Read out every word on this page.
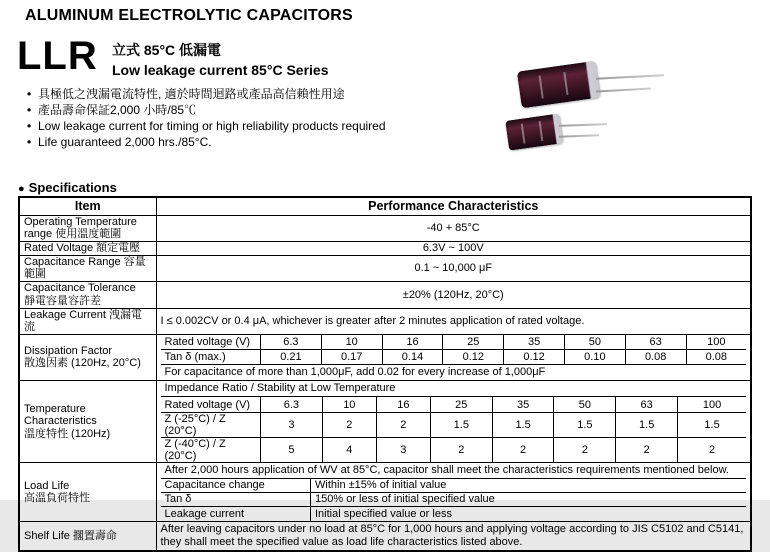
ALUMINUM ELECTROLYTIC CAPACITORS
LLR 立式 85°C 低漏電
Low leakage current 85°C Series
• 具極低之洩漏電流特性, 適於時間迴路或產品高信賴性用途
• 產品壽命保証2,000 小時/85℃
• Low leakage current for timing or high reliability products required
• Life guaranteed 2,000 hrs./85°C.
● Specifications
Item	Performance Characteristics

Operating Temperature
range 使用溫度範圍	-40 + 85°C
Rated Voltage 額定電壓	6.3V ~ 100V
Capacitance Range 容量範圍	0.1 ~ 10,000 μF

Capacitance Tolerance
靜電容量容許差	±20% (120Hz, 20°C)
Leakage Current 洩漏電流	I ≤ 0.002CV or 0.4 μA, whichever is greater after 2 minutes application of rated voltage.

Dissipation Factor
散逸因素 (120Hz, 20°C)

Rated voltage (V)	6.3	10	16	25	35	50	63	100
Tan δ (max.)	0.21	0.17	0.14	0.12	0.12	0.10	0.08	0.08
For capacitance of more than 1,000μF, add 0.02 for every increase of 1,000μF

Temperature
Characteristics
溫度特性 (120Hz)

Impedance Ratio / Stability at Low Temperature
Rated voltage (V)	6.3	10	16	25	35	50	63	100
Z (-25°C) / Z (20°C)	3	2	2	1.5	1.5	1.5	1.5	1.5
Z (-40°C) / Z (20°C)	5	4	3	2	2	2	2	2

Load Life
高溫負荷特性

After 2,000 hours application of WV at 85°C, capacitor shall meet the characteristics requirements mentioned below.
Capacitance change	Within ±15% of initial value
Tan δ	150% or less of initial specified value
Leakage current	Initial specified value or less

Shelf Life 擱置壽命	After leaving capacitors under no load at 85°C for 1,000 hours and applying voltage according to JIS C5102 and C5141, they shall meet the specified value as load life characteristics listed above.
